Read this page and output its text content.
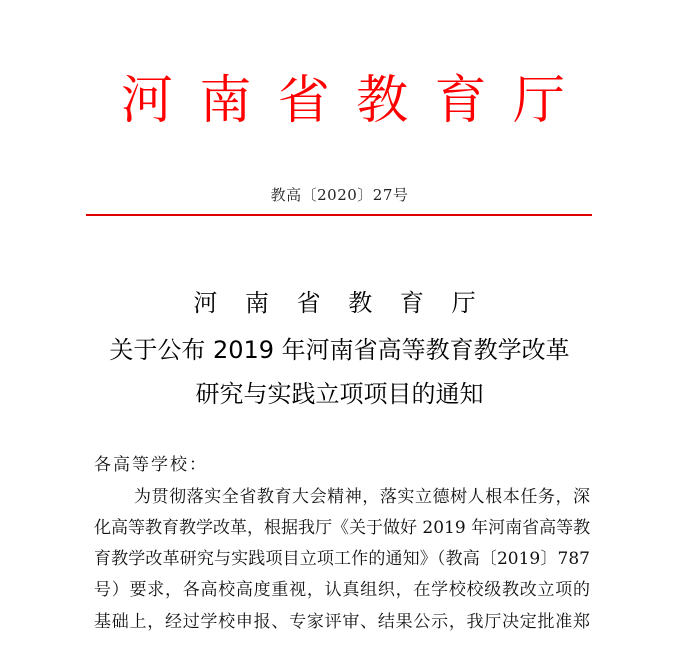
河 南 省 教 育 厅
教高〔2020〕27号
河 南 省 教 育 厅
关于公布 2019 年河南省高等教育教学改革
研究与实践立项项目的通知
各高等学校：
为贯彻落实全省教育大会精神，落实立德树人根本任务，深
化高等教育教学改革，根据我厅《关于做好 2019 年河南省高等教
育教学改革研究与实践项目立项工作的通知》（教高〔2019〕787
号）要求，各高校高度重视，认真组织，在学校校级教改立项的
基础上，经过学校申报、专家评审、结果公示，我厅决定批准郑
